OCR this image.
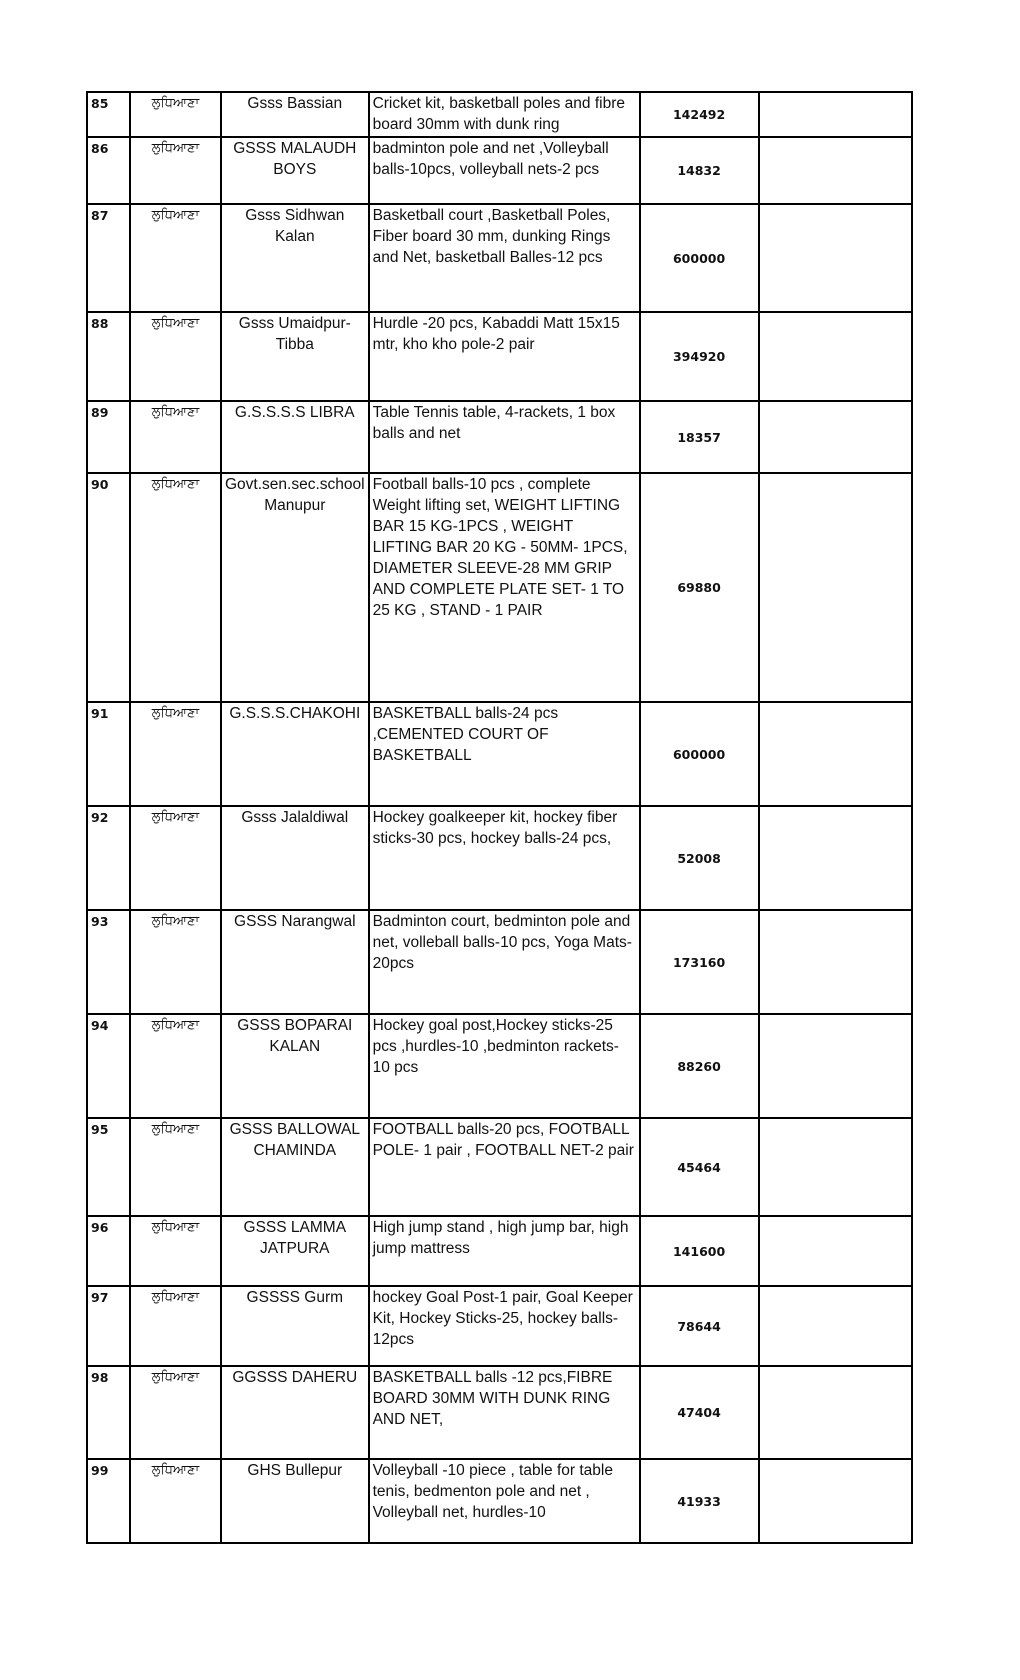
85	ਲੁਧਿਆਣਾ	Gsss Bassian	Cricket kit, basketball poles and fibre board 30mm with dunk ring	142492	
86	ਲੁਧਿਆਣਾ	GSSS MALAUDH BOYS	badminton pole and net ,Volleyball balls-10pcs, volleyball nets-2 pcs	14832	
87	ਲੁਧਿਆਣਾ	Gsss Sidhwan Kalan	Basketball court ,Basketball Poles, Fiber board 30 mm, dunking Rings and Net, basketball Balles-12 pcs	600000	
88	ਲੁਧਿਆਣਾ	Gsss Umaidpur-Tibba	Hurdle -20 pcs, Kabaddi Matt 15x15 mtr, kho kho pole-2 pair	394920	
89	ਲੁਧਿਆਣਾ	G.S.S.S.S LIBRA	Table Tennis table, 4-rackets, 1 box balls and net	18357	
90	ਲੁਧਿਆਣਾ	Govt.sen.sec.school Manupur	Football balls-10 pcs , complete Weight lifting set, WEIGHT LIFTING BAR 15 KG-1PCS , WEIGHT LIFTING BAR 20 KG - 50MM- 1PCS, DIAMETER SLEEVE-28 MM GRIP AND COMPLETE PLATE SET- 1 TO 25 KG , STAND - 1 PAIR	69880	
91	ਲੁਧਿਆਣਾ	G.S.S.S.CHAKOHI	BASKETBALL balls-24 pcs ,CEMENTED COURT OF BASKETBALL	600000	
92	ਲੁਧਿਆਣਾ	Gsss Jalaldiwal	Hockey goalkeeper kit, hockey fiber sticks-30 pcs, hockey balls-24 pcs,	52008	
93	ਲੁਧਿਆਣਾ	GSSS Narangwal	Badminton court, bedminton pole and net, volleball balls-10 pcs, Yoga Mats-20pcs	173160	
94	ਲੁਧਿਆਣਾ	GSSS BOPARAI KALAN	Hockey goal post,Hockey sticks-25 pcs ,hurdles-10 ,bedminton rackets-10 pcs	88260	
95	ਲੁਧਿਆਣਾ	GSSS BALLOWAL CHAMINDA	FOOTBALL balls-20 pcs, FOOTBALL POLE- 1 pair , FOOTBALL NET-2 pair	45464	
96	ਲੁਧਿਆਣਾ	GSSS LAMMA JATPURA	High jump stand , high jump bar, high jump mattress	141600	
97	ਲੁਧਿਆਣਾ	GSSSS Gurm	hockey Goal Post-1 pair, Goal Keeper Kit, Hockey Sticks-25, hockey balls-12pcs	78644	
98	ਲੁਧਿਆਣਾ	GGSSS DAHERU	BASKETBALL balls -12 pcs,FIBRE BOARD 30MM WITH DUNK RING AND NET,	47404	
99	ਲੁਧਿਆਣਾ	GHS Bullepur	Volleyball -10 piece , table for table tenis, bedmenton pole and net , Volleyball net, hurdles-10	41933	
